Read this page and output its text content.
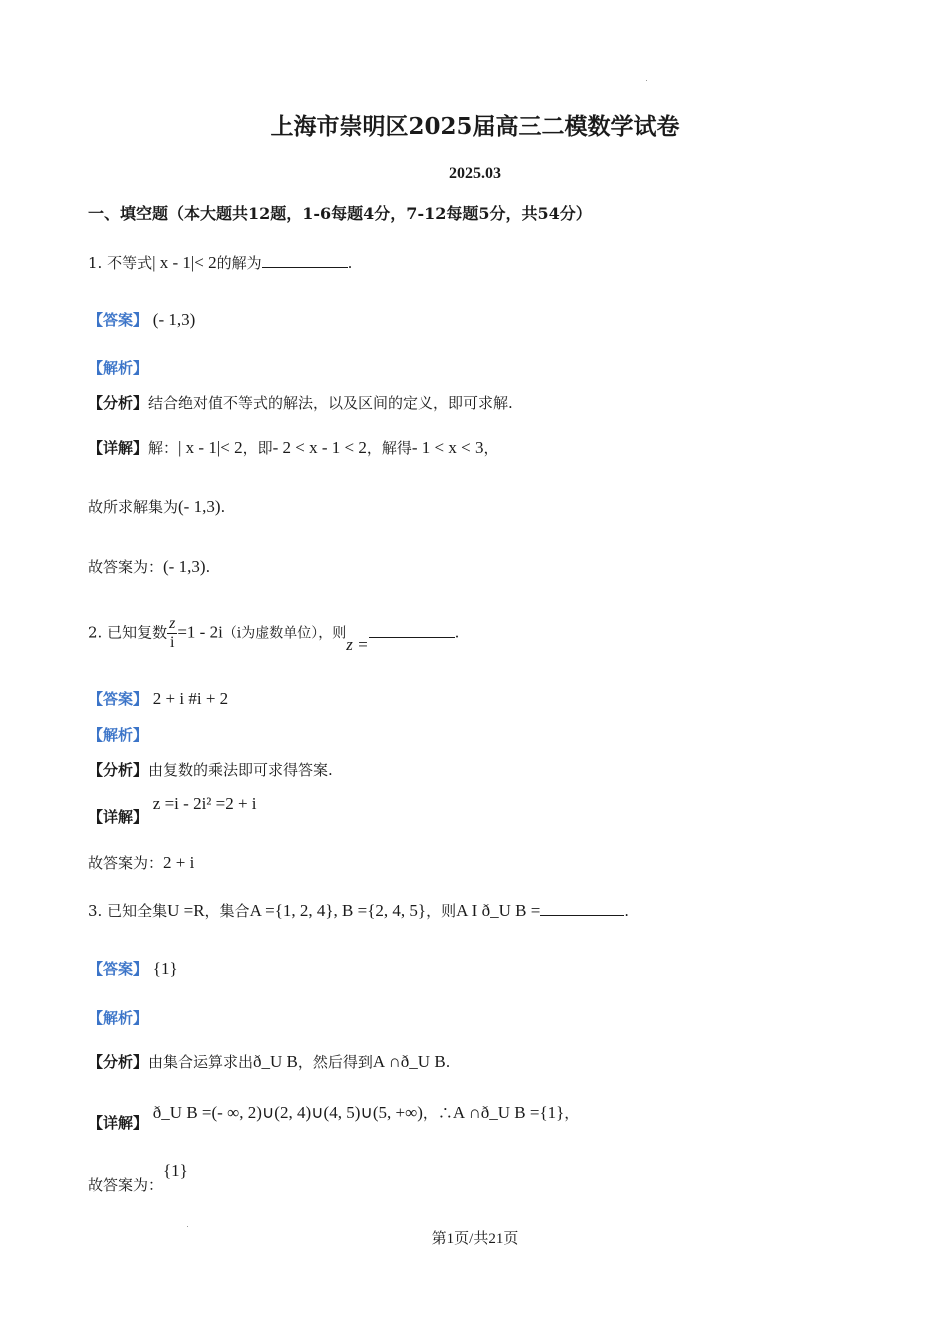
上海市崇明区2025届高三二模数学试卷
2025.03
一、填空题（本大题共12题，1-6每题4分，7-12每题5分，共54分）
1. 不等式| x - 1|< 2的解为	.
【答案】 (- 1,3)
【解析】
【分析】结合绝对值不等式的解法，以及区间的定义，即可求解.
【详解】解：| x - 1|< 2，即- 2 < x - 1 < 2，解得- 1 < x < 3，
故所求解集为(- 1,3).
故答案为：(- 1,3).
2. 已知复数 $\frac{z}{i} =1 - 2i(i$为虚数单位），则z =.
【答案】 2 + i #i + 2
【解析】
【分析】由复数的乘法即可求得答案.
【详解】 z =i - 2i² =2 + i
故答案为：2 + i
3. 已知全集U =R，集合A ={1, 2, 4}, B ={2, 4, 5}，则A I ð_U B =	.
【答案】 {1}
【解析】
【分析】由集合运算求出ð_U B，然后得到A ∩ð_U B.
【详解】 ð_U B =(- ∞, 2)∪(2, 4)∪(4, 5)∪(5, +∞)，∴A ∩ð_U B ={1}，
故答案为：{1}
第1页/共21页
